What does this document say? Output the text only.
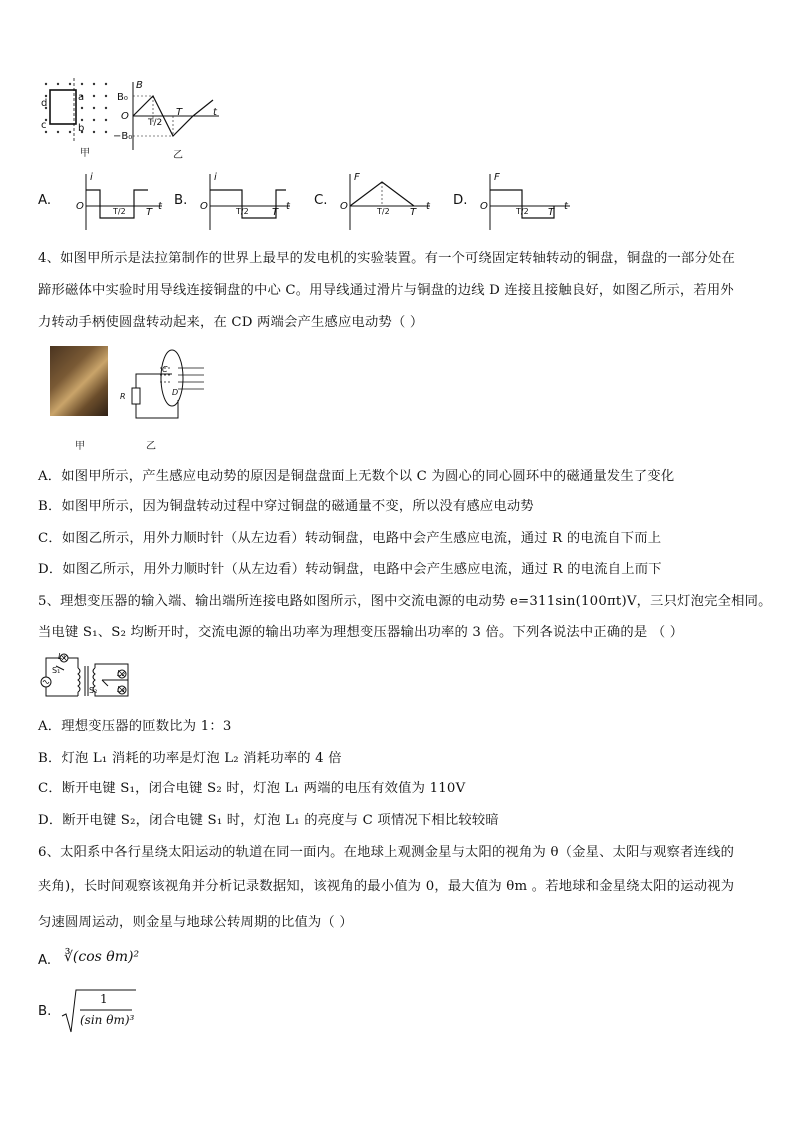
d
a
c	b
甲
B
B₀
O
−B₀
T/2
T	t
乙
A.
i
O	T/2 T
t B.
i
O	T/2 T
t C.
F
O	T/2 T
t D.
F
O	T/2 T
t
4、如图甲所示是法拉第制作的世界上最早的发电机的实验装置。有一个可绕固定转轴转动的铜盘，铜盘的一部分处在
蹄形磁体中实验时用导线连接铜盘的中心 C。用导线通过滑片与铜盘的边线 D 连接且接触良好，如图乙所示，若用外
力转动手柄使圆盘转动起来，在 CD 两端会产生感应电动势（ ）
甲
R
C
D
乙
A．如图甲所示，产生感应电动势的原因是铜盘盘面上无数个以 C 为圆心的同心圆环中的磁通量发生了变化
B．如图甲所示，因为铜盘转动过程中穿过铜盘的磁通量不变，所以没有感应电动势
C．如图乙所示，用外力顺时针（从左边看）转动铜盘，电路中会产生感应电流，通过 R 的电流自下而上
D．如图乙所示，用外力顺时针（从左边看）转动铜盘，电路中会产生感应电流，通过 R 的电流自上而下
5、理想变压器的输入端、输出端所连接电路如图所示，图中交流电源的电动势 e=311sin(100πt)V，三只灯泡完全相同。
当电键 S₁、S₂ 均断开时，交流电源的输出功率为理想变压器输出功率的 3 倍。下列各说法中正确的是 （ ）
L₁
S₁	L₂
S₂ L₃
A．理想变压器的匝数比为 1：3
B．灯泡 L₁ 消耗的功率是灯泡 L₂ 消耗功率的 4 倍
C．断开电键 S₁，闭合电键 S₂ 时，灯泡 L₁ 两端的电压有效值为 110V
D．断开电键 S₂，闭合电键 S₁ 时，灯泡 L₁ 的亮度与 C 项情况下相比较较暗
6、太阳系中各行星绕太阳运动的轨道在同一面内。在地球上观测金星与太阳的视角为 θ（金星、太阳与观察者连线的
夹角)，长时间观察该视角并分析记录数据知，该视角的最小值为 0，最大值为 θm 。若地球和金星绕太阳的运动视为
匀速圆周运动，则金星与地球公转周期的比值为（ ）
A. ∛(cos θm)²
B.
1
(sin θm)³
